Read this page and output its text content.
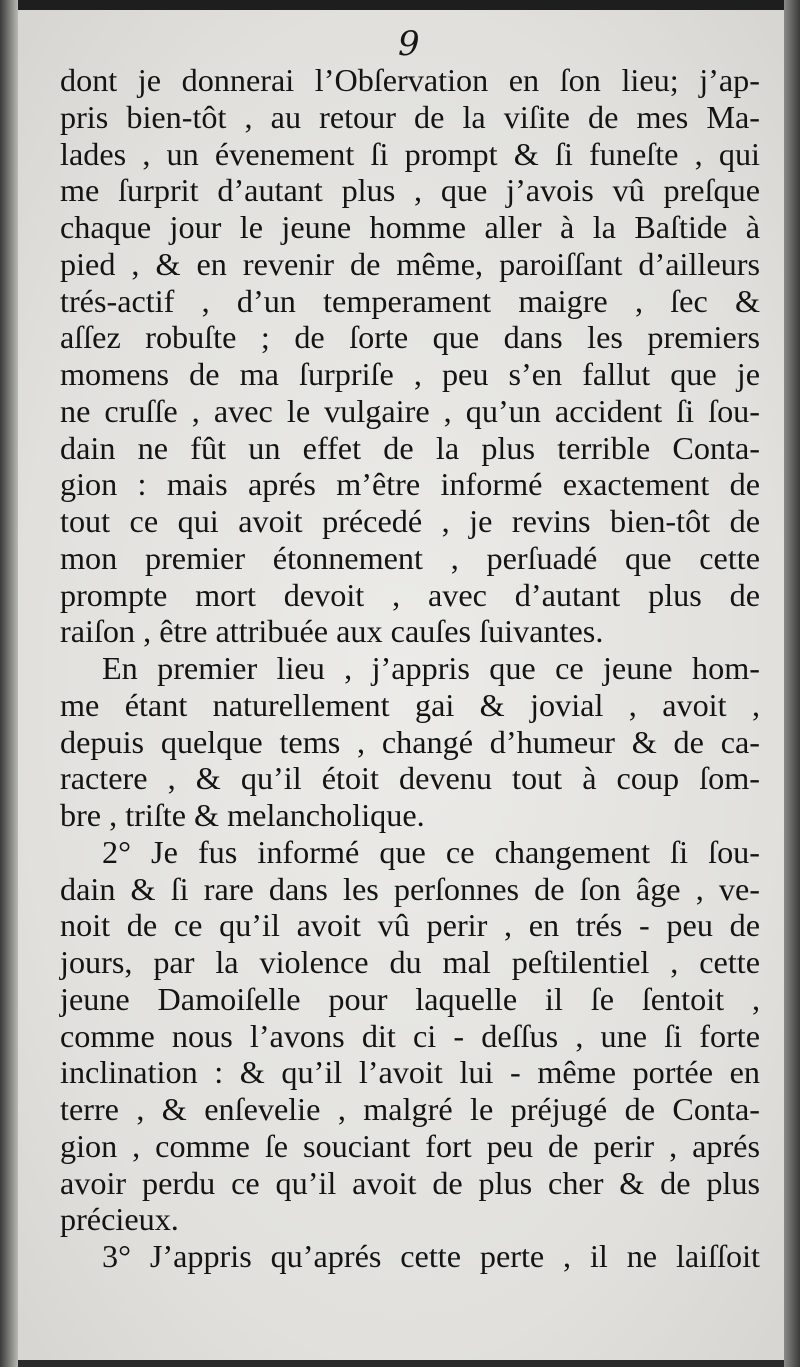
9
dont je donnerai l’Obſervation en ſon lieu; j’ap-
pris bien-tôt , au retour de la viſite de mes Ma-
lades , un évenement ſi prompt & ſi funeſte , qui
me ſurprit d’autant plus , que j’avois vû preſque
chaque jour le jeune homme aller à la Baſtide à
pied , & en revenir de même, paroiſſant d’ailleurs
trés-actif , d’un temperament maigre , ſec &
aſſez robuſte ; de ſorte que dans les premiers
momens de ma ſurpriſe , peu s’en fallut que je
ne cruſſe , avec le vulgaire , qu’un accident ſi ſou-
dain ne fût un effet de la plus terrible Conta-
gion : mais aprés m’être informé exactement de
tout ce qui avoit précedé , je revins bien-tôt de
mon premier étonnement , perſuadé que cette
prompte mort devoit , avec d’autant plus de
raiſon , être attribuée aux cauſes ſuivantes.
En premier lieu , j’appris que ce jeune hom-
me étant naturellement gai & jovial , avoit ,
depuis quelque tems , changé d’humeur & de ca-
ractere , & qu’il étoit devenu tout à coup ſom-
bre , triſte & melancholique.
2° Je fus informé que ce changement ſi ſou-
dain & ſi rare dans les perſonnes de ſon âge , ve-
noit de ce qu’il avoit vû perir , en trés - peu de
jours, par la violence du mal peſtilentiel , cette
jeune Damoiſelle pour laquelle il ſe ſentoit ,
comme nous l’avons dit ci - deſſus , une ſi forte
inclination : & qu’il l’avoit lui - même portée en
terre , & enſevelie , malgré le préjugé de Conta-
gion , comme ſe souciant fort peu de perir , aprés
avoir perdu ce qu’il avoit de plus cher & de plus
précieux.
3° J’appris qu’aprés cette perte , il ne laiſſoit
